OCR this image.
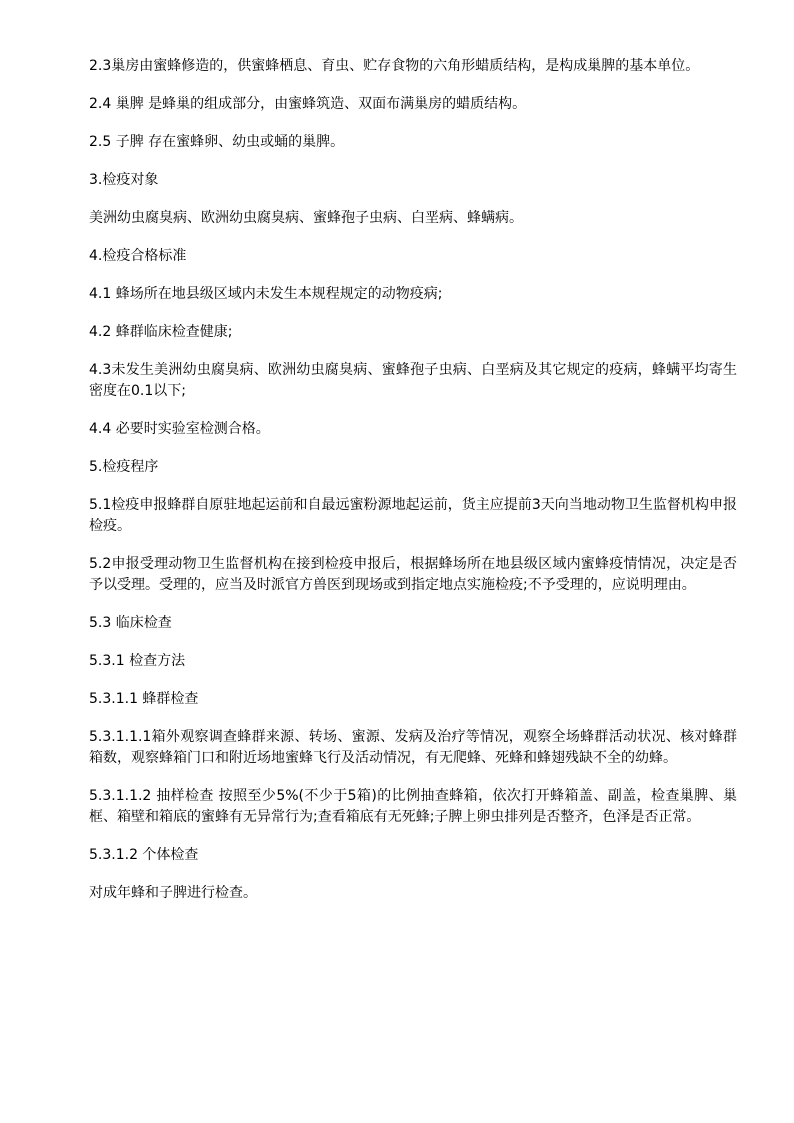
2.3巢房由蜜蜂修造的，供蜜蜂栖息、育虫、贮存食物的六角形蜡质结构，是构成巢脾的基本单位。

2.4 巢脾 是蜂巢的组成部分，由蜜蜂筑造、双面布满巢房的蜡质结构。

2.5 子脾 存在蜜蜂卵、幼虫或蛹的巢脾。

3.检疫对象

美洲幼虫腐臭病、欧洲幼虫腐臭病、蜜蜂孢子虫病、白垩病、蜂螨病。

4.检疫合格标准

4.1 蜂场所在地县级区域内未发生本规程规定的动物疫病;

4.2 蜂群临床检查健康;

4.3未发生美洲幼虫腐臭病、欧洲幼虫腐臭病、蜜蜂孢子虫病、白垩病及其它规定的疫病，蜂螨平均寄生密度在0.1以下;

4.4 必要时实验室检测合格。

5.检疫程序

5.1检疫申报蜂群自原驻地起运前和自最远蜜粉源地起运前，货主应提前3天向当地动物卫生监督机构申报检疫。

5.2申报受理动物卫生监督机构在接到检疫申报后，根据蜂场所在地县级区域内蜜蜂疫情情况，决定是否予以受理。受理的，应当及时派官方兽医到现场或到指定地点实施检疫;不予受理的，应说明理由。

5.3 临床检查

5.3.1 检查方法

5.3.1.1 蜂群检查

5.3.1.1.1箱外观察调查蜂群来源、转场、蜜源、发病及治疗等情况，观察全场蜂群活动状况、核对蜂群箱数，观察蜂箱门口和附近场地蜜蜂飞行及活动情况，有无爬蜂、死蜂和蜂翅残缺不全的幼蜂。

5.3.1.1.2 抽样检查 按照至少5%(不少于5箱)的比例抽查蜂箱，依次打开蜂箱盖、副盖，检查巢脾、巢框、箱壁和箱底的蜜蜂有无异常行为;查看箱底有无死蜂;子脾上卵虫排列是否整齐，色泽是否正常。

5.3.1.2 个体检查

对成年蜂和子脾进行检查。
